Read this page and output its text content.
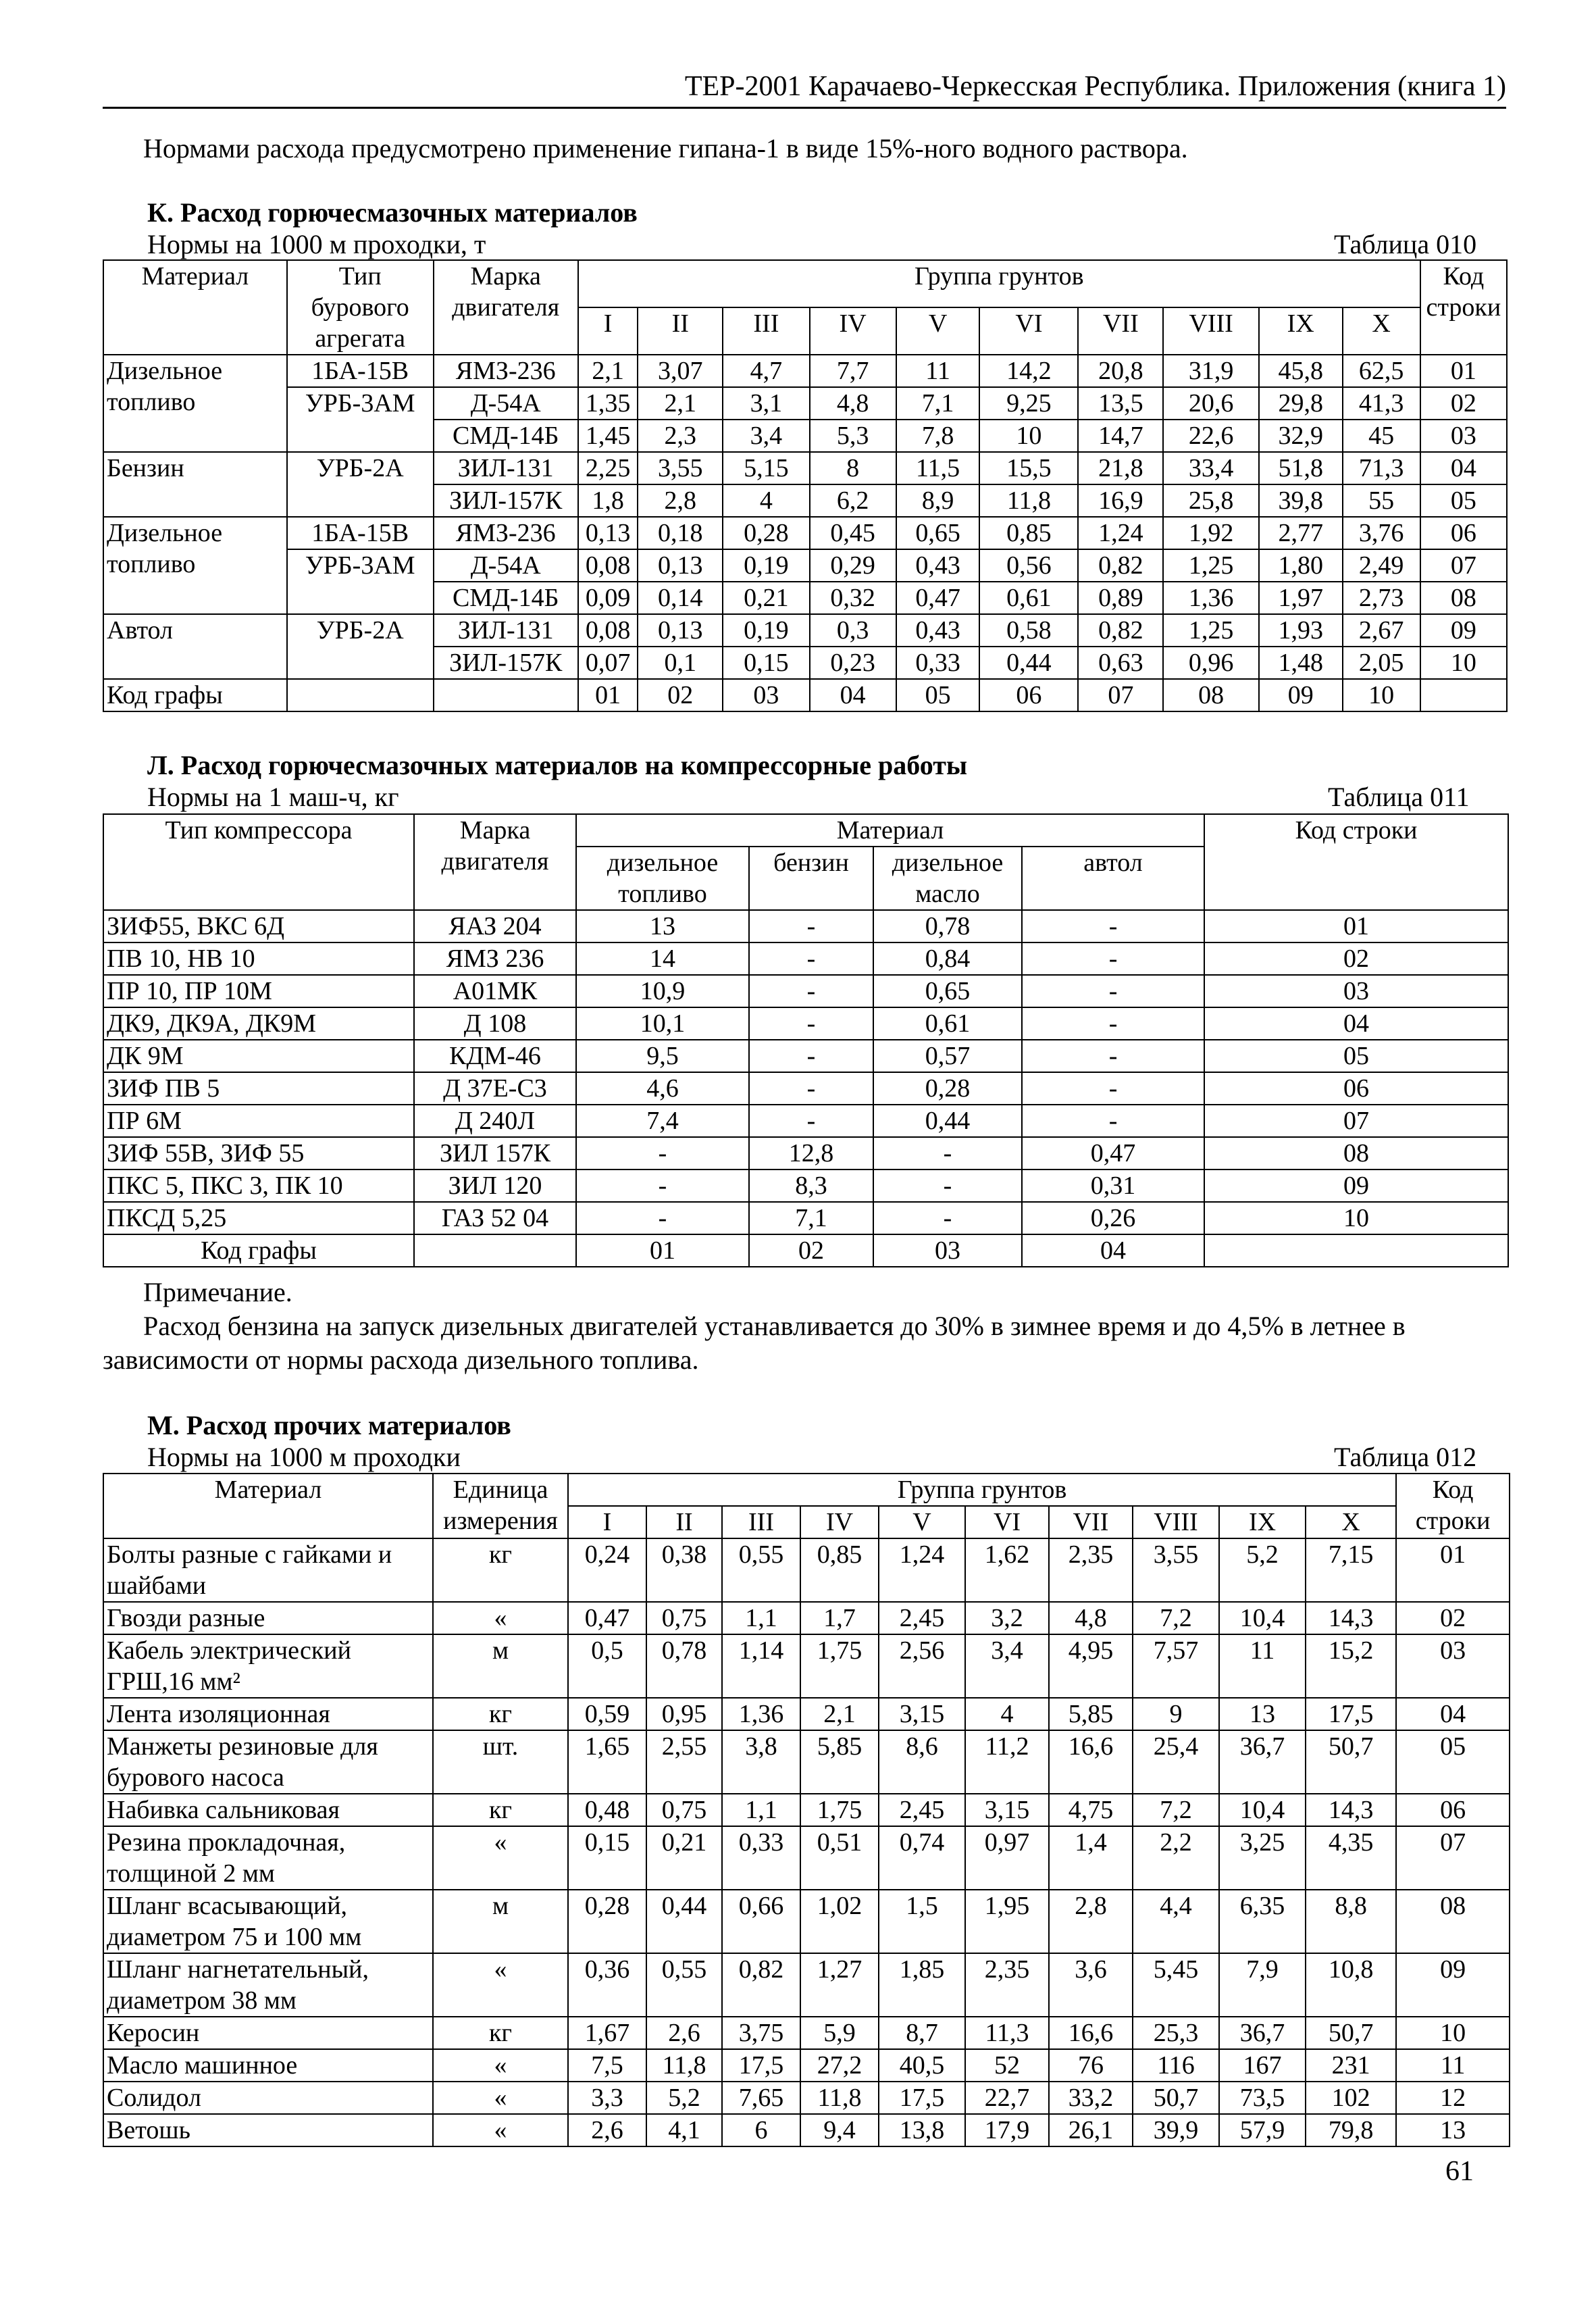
ТЕР-2001 Карачаево-Черкесская Республика. Приложения (книга 1)
Нормами расхода предусмотрено применение гипана-1 в виде 15%-ного водного раствора.
К. Расход горючесмазочных материалов
Нормы на 1000 м проходки, т	Таблица 010
Материал	Тип бурового агрегата	Марка двигателя	Группа грунтов										Код строки
			I	II	III	IV	V	VI	VII	VIII	IX	X	
Дизельное топливо	1БА-15В	ЯМЗ-236	2,1	3,07	4,7	7,7	11	14,2	20,8	31,9	45,8	62,5	01
	УРБ-3АМ	Д-54А	1,35	2,1	3,1	4,8	7,1	9,25	13,5	20,6	29,8	41,3	02
		СМД-14Б	1,45	2,3	3,4	5,3	7,8	10	14,7	22,6	32,9	45	03
Бензин	УРБ-2А	ЗИЛ-131	2,25	3,55	5,15	8	11,5	15,5	21,8	33,4	51,8	71,3	04
		ЗИЛ-157К	1,8	2,8	4	6,2	8,9	11,8	16,9	25,8	39,8	55	05
Дизельное топливо	1БА-15В	ЯМЗ-236	0,13	0,18	0,28	0,45	0,65	0,85	1,24	1,92	2,77	3,76	06
	УРБ-3АМ	Д-54А	0,08	0,13	0,19	0,29	0,43	0,56	0,82	1,25	1,80	2,49	07
		СМД-14Б	0,09	0,14	0,21	0,32	0,47	0,61	0,89	1,36	1,97	2,73	08
Автол	УРБ-2А	ЗИЛ-131	0,08	0,13	0,19	0,3	0,43	0,58	0,82	1,25	1,93	2,67	09
		ЗИЛ-157К	0,07	0,1	0,15	0,23	0,33	0,44	0,63	0,96	1,48	2,05	10
Код графы			01	02	03	04	05	06	07	08	09	10	
Л. Расход горючесмазочных материалов на компрессорные работы
Нормы на 1 маш-ч, кг	Таблица 011
Тип компрессора	Марка двигателя	Материал				Код строки
		дизельное топливо	бензин	дизельное масло	автол	
ЗИФ55, ВКС 6Д	ЯАЗ 204	13	-	0,78	-	01
ПВ 10, НВ 10	ЯМЗ 236	14	-	0,84	-	02
ПР 10, ПР 10М	А01МК	10,9	-	0,65	-	03
ДК9, ДК9А, ДК9М	Д 108	10,1	-	0,61	-	04
ДК 9М	КДМ-46	9,5	-	0,57	-	05
ЗИФ ПВ 5	Д 37Е-С3	4,6	-	0,28	-	06
ПР 6М	Д 240Л	7,4	-	0,44	-	07
ЗИФ 55В, ЗИФ 55	ЗИЛ 157К	-	12,8	-	0,47	08
ПКС 5, ПКС 3, ПК 10	ЗИЛ 120	-	8,3	-	0,31	09
ПКСД 5,25	ГАЗ 52 04	-	7,1	-	0,26	10
Код графы		01	02	03	04	
Примечание.
Расход бензина на запуск дизельных двигателей устанавливается до 30% в зимнее время и до 4,5% в летнее в зависимости от нормы расхода дизельного топлива.
М. Расход прочих материалов
Нормы на 1000 м проходки	Таблица 012
Материал	Единица измерения	Группа грунтов										Код строки
		I	II	III	IV	V	VI	VII	VIII	IX	X	
Болты разные с гайками и шайбами	кг	0,24	0,38	0,55	0,85	1,24	1,62	2,35	3,55	5,2	7,15	01
Гвозди разные	«	0,47	0,75	1,1	1,7	2,45	3,2	4,8	7,2	10,4	14,3	02
Кабель электрический ГРШ,16 мм²	м	0,5	0,78	1,14	1,75	2,56	3,4	4,95	7,57	11	15,2	03
Лента изоляционная	кг	0,59	0,95	1,36	2,1	3,15	4	5,85	9	13	17,5	04
Манжеты резиновые для бурового насоса	шт.	1,65	2,55	3,8	5,85	8,6	11,2	16,6	25,4	36,7	50,7	05
Набивка сальниковая	кг	0,48	0,75	1,1	1,75	2,45	3,15	4,75	7,2	10,4	14,3	06
Резина прокладочная, толщиной 2 мм	«	0,15	0,21	0,33	0,51	0,74	0,97	1,4	2,2	3,25	4,35	07
Шланг всасывающий, диаметром 75 и 100 мм	м	0,28	0,44	0,66	1,02	1,5	1,95	2,8	4,4	6,35	8,8	08
Шланг нагнетательный, диаметром 38 мм	«	0,36	0,55	0,82	1,27	1,85	2,35	3,6	5,45	7,9	10,8	09
Керосин	кг	1,67	2,6	3,75	5,9	8,7	11,3	16,6	25,3	36,7	50,7	10
Масло машинное	«	7,5	11,8	17,5	27,2	40,5	52	76	116	167	231	11
Солидол	«	3,3	5,2	7,65	11,8	17,5	22,7	33,2	50,7	73,5	102	12
Ветошь	«	2,6	4,1	6	9,4	13,8	17,9	26,1	39,9	57,9	79,8	13
61
